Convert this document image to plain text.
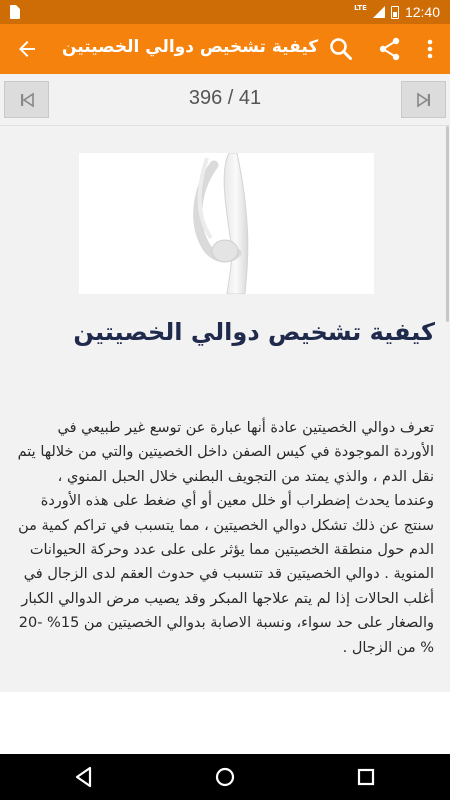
LTE	12:40
كيفية تشخيص دوالي الخصيتين
396 / 41
كيفية تشخيص دوالي الخصيتين
تعرف دوالي الخصيتين عادة أنها عبارة عن توسع غير طبيعي في الأوردة الموجودة في كيس الصفن داخل الخصيتين والتي من خلالها يتم نقل الدم ، والذي يمتد من التجويف البطني خلال الحبل المنوي ، وعندما يحدث إضطراب أو خلل معين أو أي ضغط على هذه الأوردة سنتج عن ذلك تشكل دوالي الخصيتين ، مما يتسبب في تراكم كمية من الدم حول منطقة الخصيتين مما يؤثر على على عدد وحركة الحيوانات المنوية . دوالي الخصيتين قد تتسبب في حدوث العقم لدى الزجال في أغلب الحالات إذا لم يتم علاجها المبكر وقد يصيب مرض الدوالي الكبار والصغار على حد سواء، ونسبة الاصابة بدوالي الخصيتين من 15% -20 % من الزجال .
